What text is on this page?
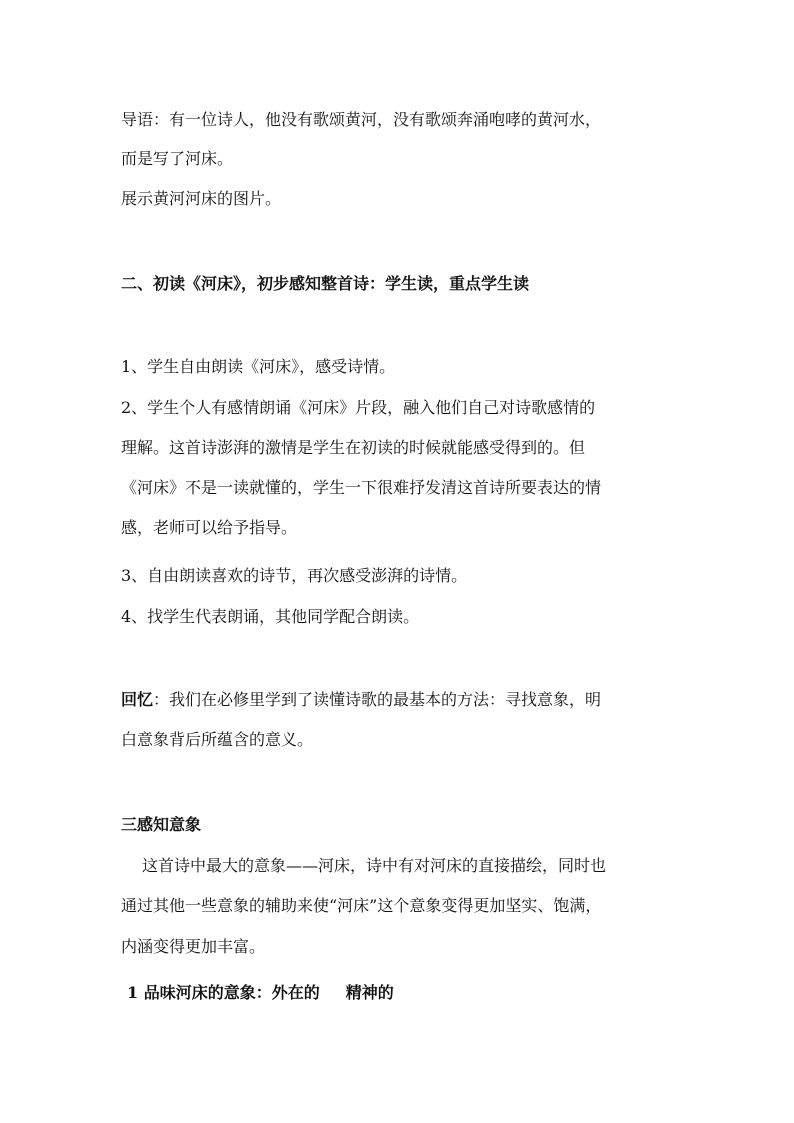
导语：有一位诗人，他没有歌颂黄河，没有歌颂奔涌咆哮的黄河水，
而是写了河床。
展示黄河河床的图片。
二、初读《河床》，初步感知整首诗：学生读，重点学生读
1、学生自由朗读《河床》，感受诗情。
2、学生个人有感情朗诵《河床》片段，融入他们自己对诗歌感情的
理解。这首诗澎湃的激情是学生在初读的时候就能感受得到的。但
《河床》不是一读就懂的，学生一下很难抒发清这首诗所要表达的情
感，老师可以给予指导。
3、自由朗读喜欢的诗节，再次感受澎湃的诗情。
4、找学生代表朗诵，其他同学配合朗读。
回忆：我们在必修里学到了读懂诗歌的最基本的方法：寻找意象，明
白意象背后所蕴含的意义。
三感知意象
这首诗中最大的意象——河床，诗中有对河床的直接描绘，同时也
通过其他一些意象的辅助来使“河床”这个意象变得更加坚实、饱满，
内涵变得更加丰富。
1 品味河床的意象：外在的 精神的
